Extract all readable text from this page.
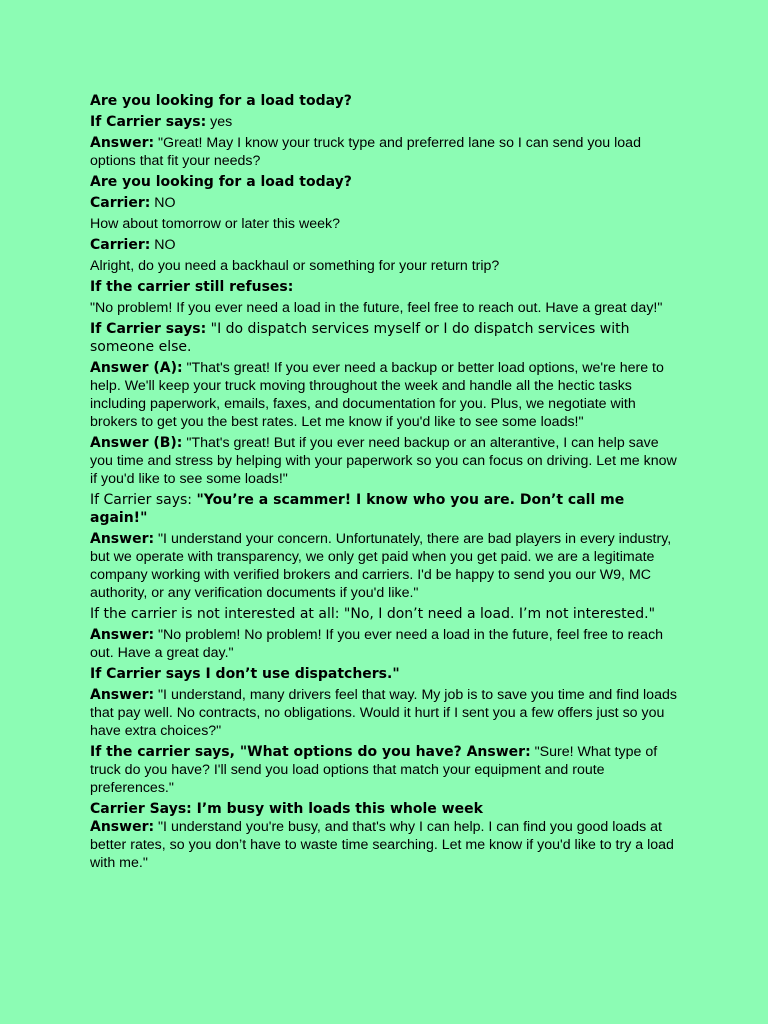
Are you looking for a load today?

If Carrier says: yes

Answer: "Great! May I know your truck type and preferred lane so I can send you load options that fit your needs?

Are you looking for a load today?

Carrier: NO

How about tomorrow or later this week?

Carrier: NO

Alright, do you need a backhaul or something for your return trip?

If the carrier still refuses:

"No problem! If you ever need a load in the future, feel free to reach out. Have a great day!"

If Carrier says: "I do dispatch services myself or I do dispatch services with someone else.

Answer (A): "That's great! If you ever need a backup or better load options, we're here to help. We'll keep your truck moving throughout the week and handle all the hectic tasks including paperwork, emails, faxes, and documentation for you. Plus, we negotiate with brokers to get you the best rates. Let me know if you'd like to see some loads!"

Answer (B): "That's great! But if you ever need backup or an alterantive, I can help save you time and stress by helping with your paperwork so you can focus on driving. Let me know if you'd like to see some loads!"

If Carrier says: "You’re a scammer! I know who you are. Don’t call me again!"

Answer: "I understand your concern. Unfortunately, there are bad players in every industry, but we operate with transparency, we only get paid when you get paid. we are a legitimate company working with verified brokers and carriers. I'd be happy to send you our W9, MC authority, or any verification documents if you'd like."

If the carrier is not interested at all: "No, I don’t need a load. I’m not interested."

Answer: "No problem! No problem! If you ever need a load in the future, feel free to reach out. Have a great day."

If Carrier says I don’t use dispatchers."

Answer: "I understand, many drivers feel that way. My job is to save you time and find loads that pay well. No contracts, no obligations. Would it hurt if I sent you a few offers just so you have extra choices?"

If the carrier says, "What options do you have? Answer: "Sure! What type of truck do you have? I'll send you load options that match your equipment and route preferences."

Carrier Says: I’m busy with loads this whole week

Answer: "I understand you're busy, and that's why I can help. I can find you good loads at better rates, so you don’t have to waste time searching. Let me know if you'd like to try a load with me."
